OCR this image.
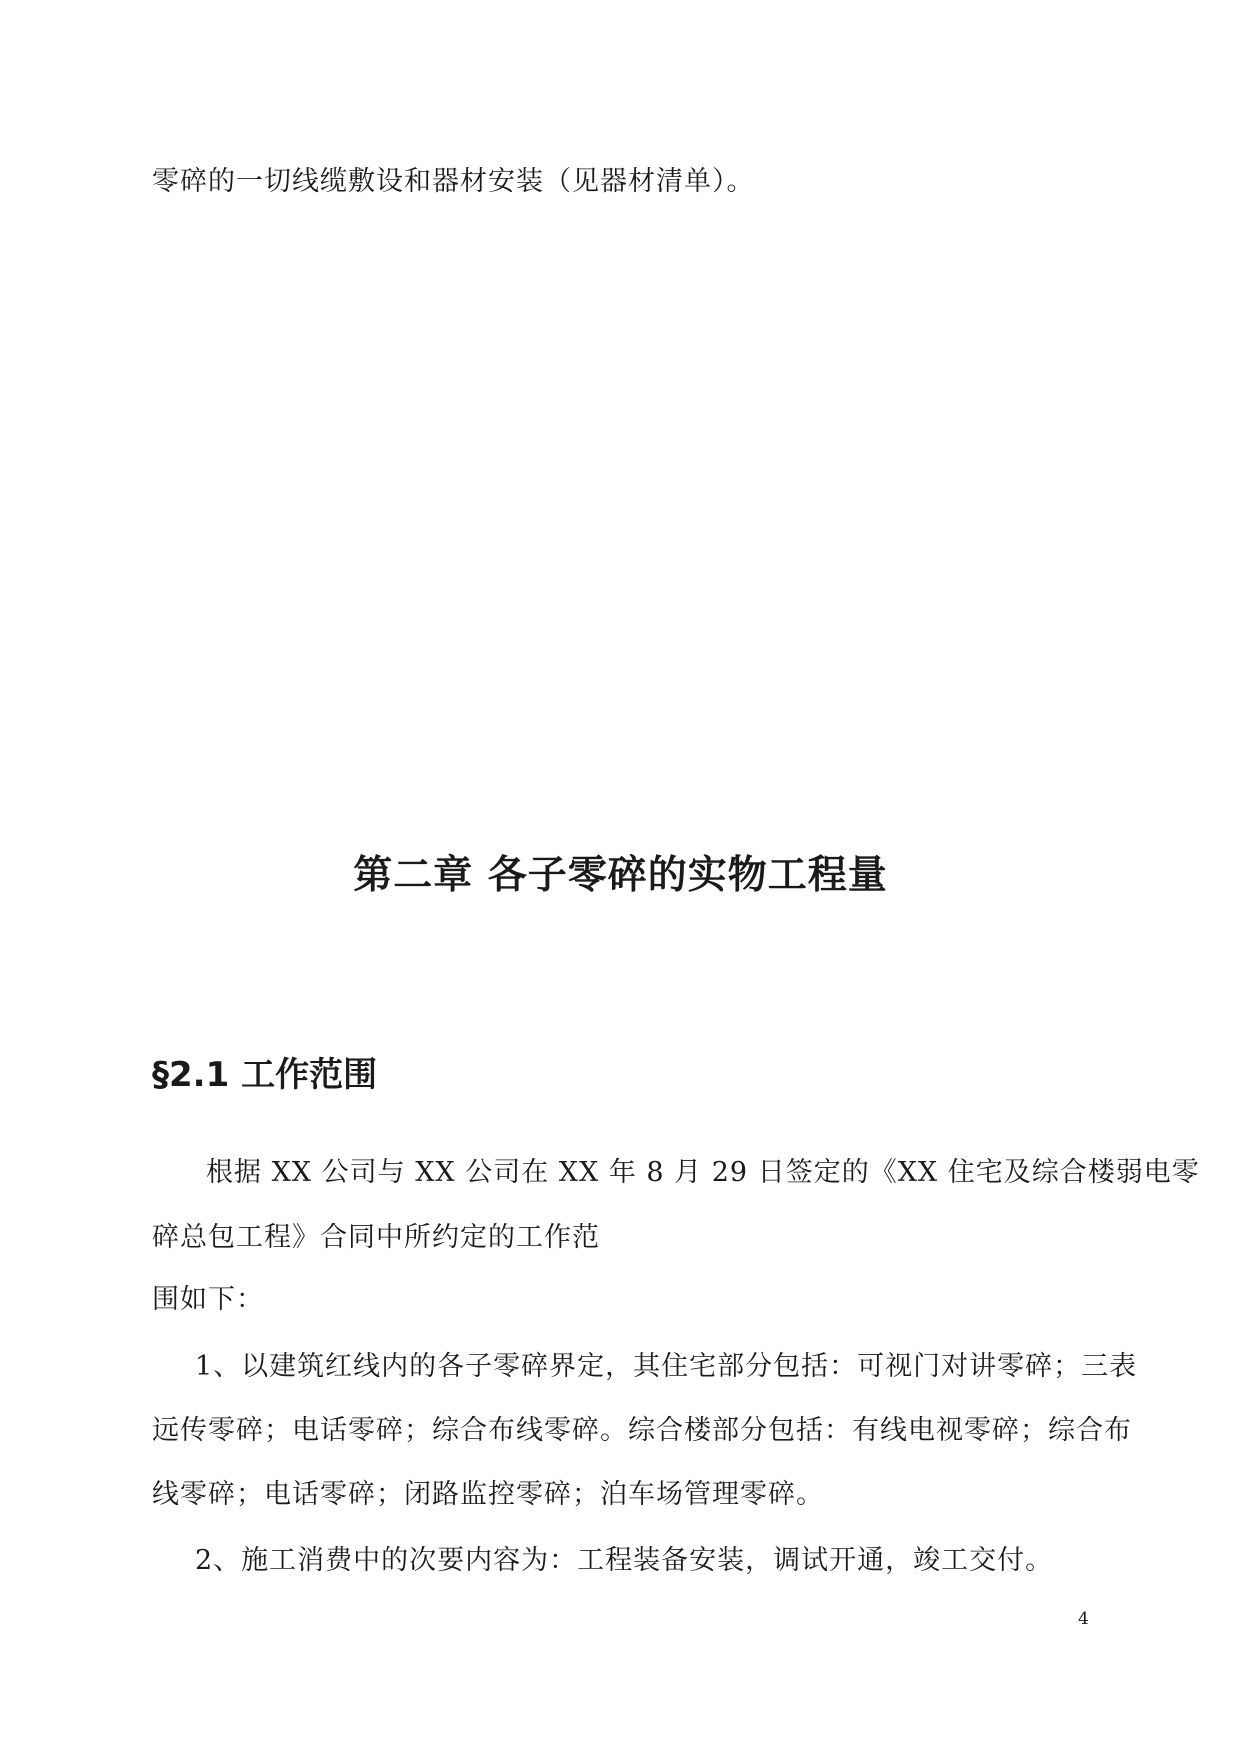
零碎的一切线缆敷设和器材安装（见器材清单）。
第二章 各子零碎的实物工程量
§2.1 工作范围
根据 XX 公司与 XX 公司在 XX 年 8 月 29 日签定的《XX 住宅及综合楼弱电零
碎总包工程》合同中所约定的工作范
围如下：
1、以建筑红线内的各子零碎界定，其住宅部分包括：可视门对讲零碎；三表
远传零碎；电话零碎；综合布线零碎。综合楼部分包括：有线电视零碎；综合布
线零碎；电话零碎；闭路监控零碎；泊车场管理零碎。
2、施工消费中的次要内容为：工程装备安装，调试开通，竣工交付。
4
